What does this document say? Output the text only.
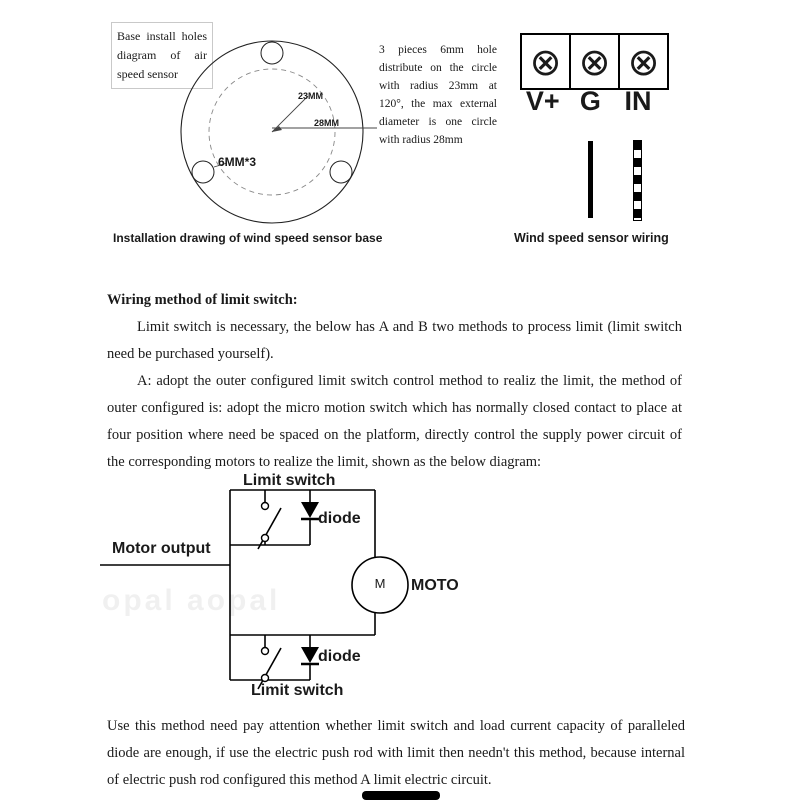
Base install holes diagram of air speed sensor
23MM
28MM
6MM*3
3 pieces 6mm hole distribute on the circle with radius 23mm at 120°, the max external diameter is one circle with radius 28mm
⊗ ⊗ ⊗
V+ G IN
Installation drawing of wind speed sensor base	Wind speed sensor wiring
Wiring method of limit switch:

Limit switch is necessary, the below has A and B two methods to process limit (limit switch need be purchased yourself).

A: adopt the outer configured limit switch control method to realiz the limit, the method of outer configured is: adopt the micro motion switch which has normally closed contact to place at four position where need be spaced on the platform, directly control the supply power circuit of the corresponding motors to realize the limit, shown as the below diagram:

opal aopal
Limit switch
diode
Motor output
M	MOTO
diode
Limit switch
Use this method need pay attention whether limit switch and load current capacity of paralleled diode are enough, if use the electric push rod with limit then needn't this method, because internal of electric push rod configured this method A limit electric circuit.
